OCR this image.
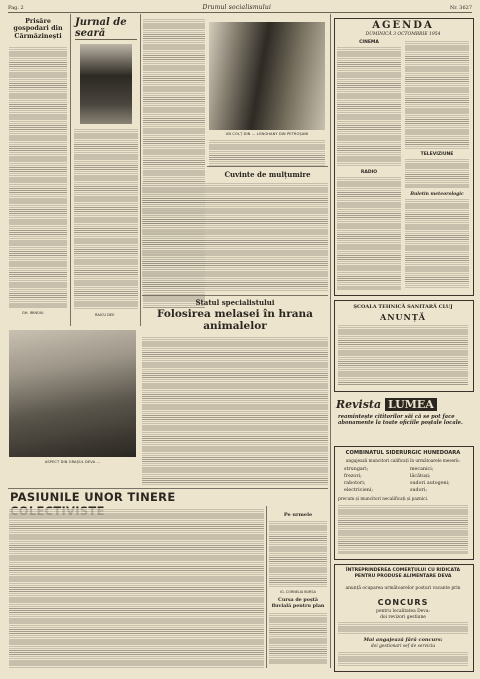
Pag. 2	Drumul socialismului	Nr. 3627
Prisăre gospodari din Cărmăzinești
GH. IRINOIU
Jurnal de seară
RAICU DEE
UN COLȚ DIN ... LONGHANY DIN PETROȘANI
Cuvinte de mulțumire
Statul specialistului
Folosirea melasei în hrana animalelor
ASPECT DIN ORAȘUL DEVA ...
PASIUNILE UNOR TINERE
Pe urmele
IG. CORNELIA BURSA
Cursa de poștă fluvială pentru plan
AGENDA
DUMINICĂ 3 OCTOMBRIE 1954
CINEMA
RADIO
TELEVIZIUNE
Buletin meteorologic
ȘCOALA TEHNICĂ SANITARĂ CLUJ
ANUNȚĂ
Revista LUMEA
reamintește cititorilor săi că se pot face abonamente la toate oficiile poștale locale.
COMBINATUL SIDERURGIC HUNEDOARA
angajează muncitori calificați în următoarele meserii:
strungari;
frezori;
rabotori;
electricieni;
mecanici;
lăcătuși;
sudori autogeni;
sudori;
precum și muncitori necalificați și paznici.
ÎNTREPRINDEREA COMERȚULUI CU RIDICATA PENTRU PRODUSE ALIMENTARE DEVA
anunță ocuparea următoarelor posturi vacante prin
CONCURS
pentru localitatea Deva:
doi revizori gestiune
Mai angajează fără concurs:
doi gestionari sef de serviciu
